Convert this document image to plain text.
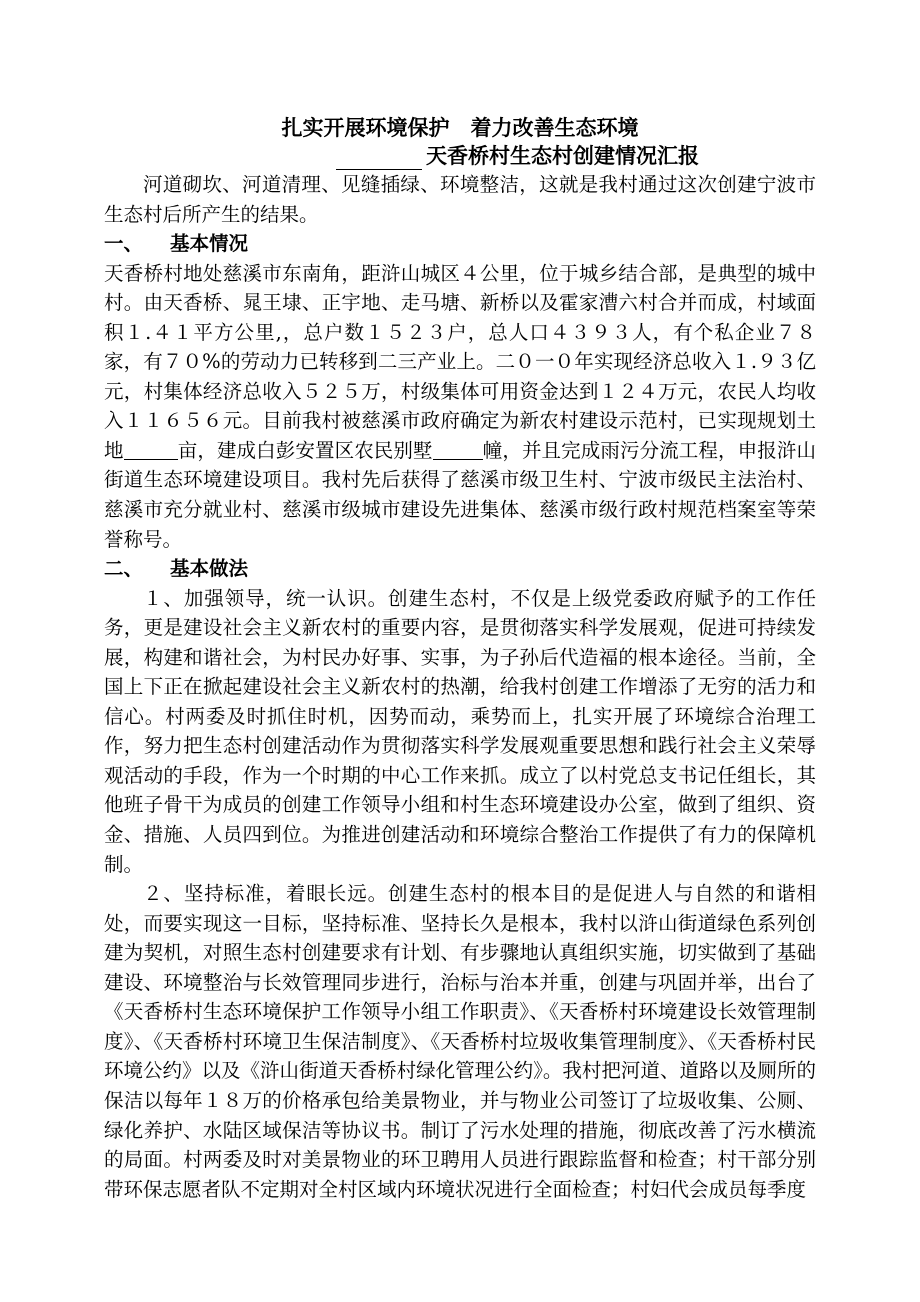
扎实开展环境保护　着力改善生态环境
天香桥村生态村创建情况汇报

河道砌坎、河道清理、见缝插绿、环境整洁，这就是我村通过这次创建宁波市生态村后所产生的结果。

一、 基本情况

天香桥村地处慈溪市东南角，距浒山城区４公里，位于城乡结合部，是典型的城中村。由天香桥、晁王埭、正宇地、走马塘、新桥以及霍家漕六村合并而成，村域面积１.４１平方公里,，总户数１５２３户，总人口４３９３人，有个私企业７８家，有７０%的劳动力已转移到二三产业上。二０一０年实现经济总收入１.９３亿元，村集体经济总收入５２５万，村级集体可用资金达到１２４万元，农民人均收入１１６５６元。目前我村被慈溪市政府确定为新农村建设示范村，已实现规划土地	亩，建成白彭安置区农民别墅	幢，并且完成雨污分流工程，申报浒山街道生态环境建设项目。我村先后获得了慈溪市级卫生村、宁波市级民主法治村、慈溪市充分就业村、慈溪市级城市建设先进集体、慈溪市级行政村规范档案室等荣誉称号。

二、 基本做法

１、加强领导，统一认识。创建生态村，不仅是上级党委政府赋予的工作任务，更是建设社会主义新农村的重要内容，是贯彻落实科学发展观，促进可持续发展，构建和谐社会，为村民办好事、实事，为子孙后代造福的根本途径。当前，全国上下正在掀起建设社会主义新农村的热潮，给我村创建工作增添了无穷的活力和信心。村两委及时抓住时机，因势而动，乘势而上，扎实开展了环境综合治理工作，努力把生态村创建活动作为贯彻落实科学发展观重要思想和践行社会主义荣辱观活动的手段，作为一个时期的中心工作来抓。成立了以村党总支书记任组长，其他班子骨干为成员的创建工作领导小组和村生态环境建设办公室，做到了组织、资金、措施、人员四到位。为推进创建活动和环境综合整治工作提供了有力的保障机制。

２、坚持标准，着眼长远。创建生态村的根本目的是促进人与自然的和谐相处，而要实现这一目标，坚持标准、坚持长久是根本，我村以浒山街道绿色系列创建为契机，对照生态村创建要求有计划、有步骤地认真组织实施，切实做到了基础建设、环境整治与长效管理同步进行，治标与治本并重，创建与巩固并举，出台了《天香桥村生态环境保护工作领导小组工作职责》、《天香桥村环境建设长效管理制度》、《天香桥村环境卫生保洁制度》、《天香桥村垃圾收集管理制度》、《天香桥村民环境公约》以及《浒山街道天香桥村绿化管理公约》。我村把河道、道路以及厕所的保洁以每年１８万的价格承包给美景物业，并与物业公司签订了垃圾收集、公厕、绿化养护、水陆区域保洁等协议书。制订了污水处理的措施，彻底改善了污水横流的局面。村两委及时对美景物业的环卫聘用人员进行跟踪监督和检查；村干部分别带环保志愿者队不定期对全村区域内环境状况进行全面检查；村妇代会成员每季度
